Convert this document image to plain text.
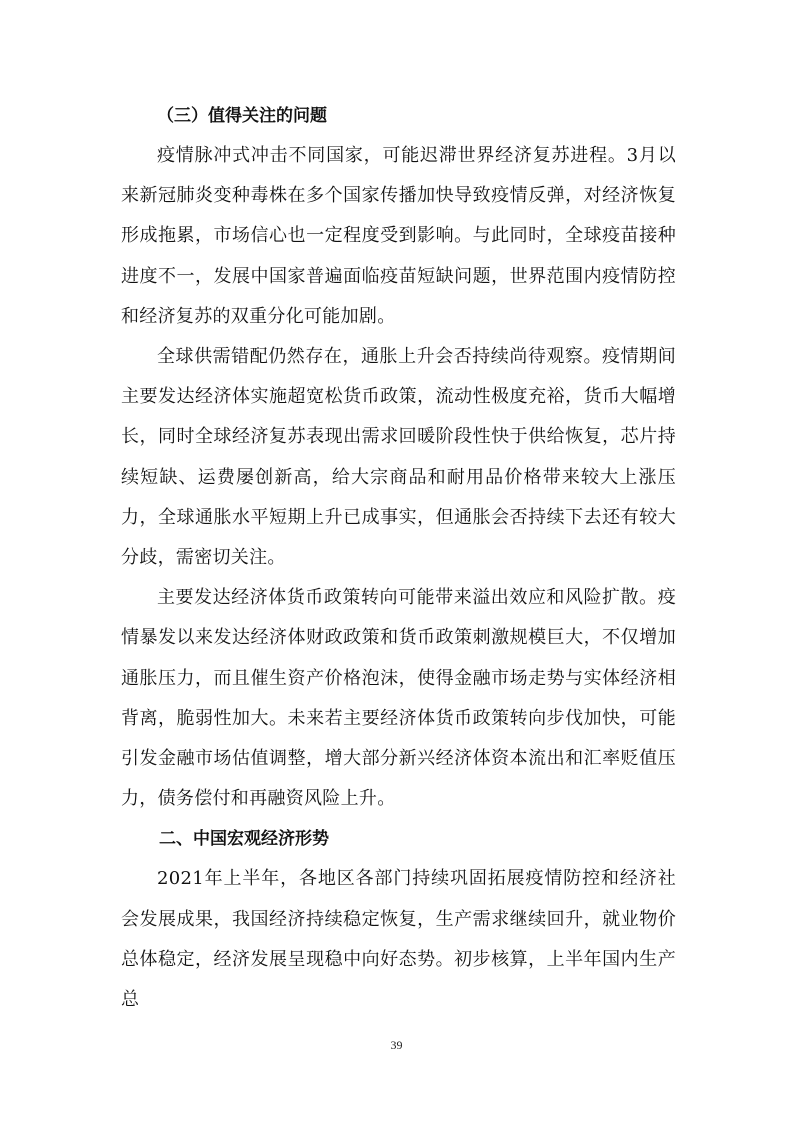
（三）值得关注的问题

疫情脉冲式冲击不同国家，可能迟滞世界经济复苏进程。3月以来新冠肺炎变种毒株在多个国家传播加快导致疫情反弹，对经济恢复形成拖累，市场信心也一定程度受到影响。与此同时，全球疫苗接种进度不一，发展中国家普遍面临疫苗短缺问题，世界范围内疫情防控和经济复苏的双重分化可能加剧。

全球供需错配仍然存在，通胀上升会否持续尚待观察。疫情期间主要发达经济体实施超宽松货币政策，流动性极度充裕，货币大幅增长，同时全球经济复苏表现出需求回暖阶段性快于供给恢复，芯片持续短缺、运费屡创新高，给大宗商品和耐用品价格带来较大上涨压力，全球通胀水平短期上升已成事实，但通胀会否持续下去还有较大分歧，需密切关注。

主要发达经济体货币政策转向可能带来溢出效应和风险扩散。疫情暴发以来发达经济体财政政策和货币政策刺激规模巨大，不仅增加通胀压力，而且催生资产价格泡沫，使得金融市场走势与实体经济相背离，脆弱性加大。未来若主要经济体货币政策转向步伐加快，可能引发金融市场估值调整，增大部分新兴经济体资本流出和汇率贬值压力，债务偿付和再融资风险上升。

二、中国宏观经济形势

2021年上半年，各地区各部门持续巩固拓展疫情防控和经济社会发展成果，我国经济持续稳定恢复，生产需求继续回升，就业物价总体稳定，经济发展呈现稳中向好态势。初步核算，上半年国内生产总

39
